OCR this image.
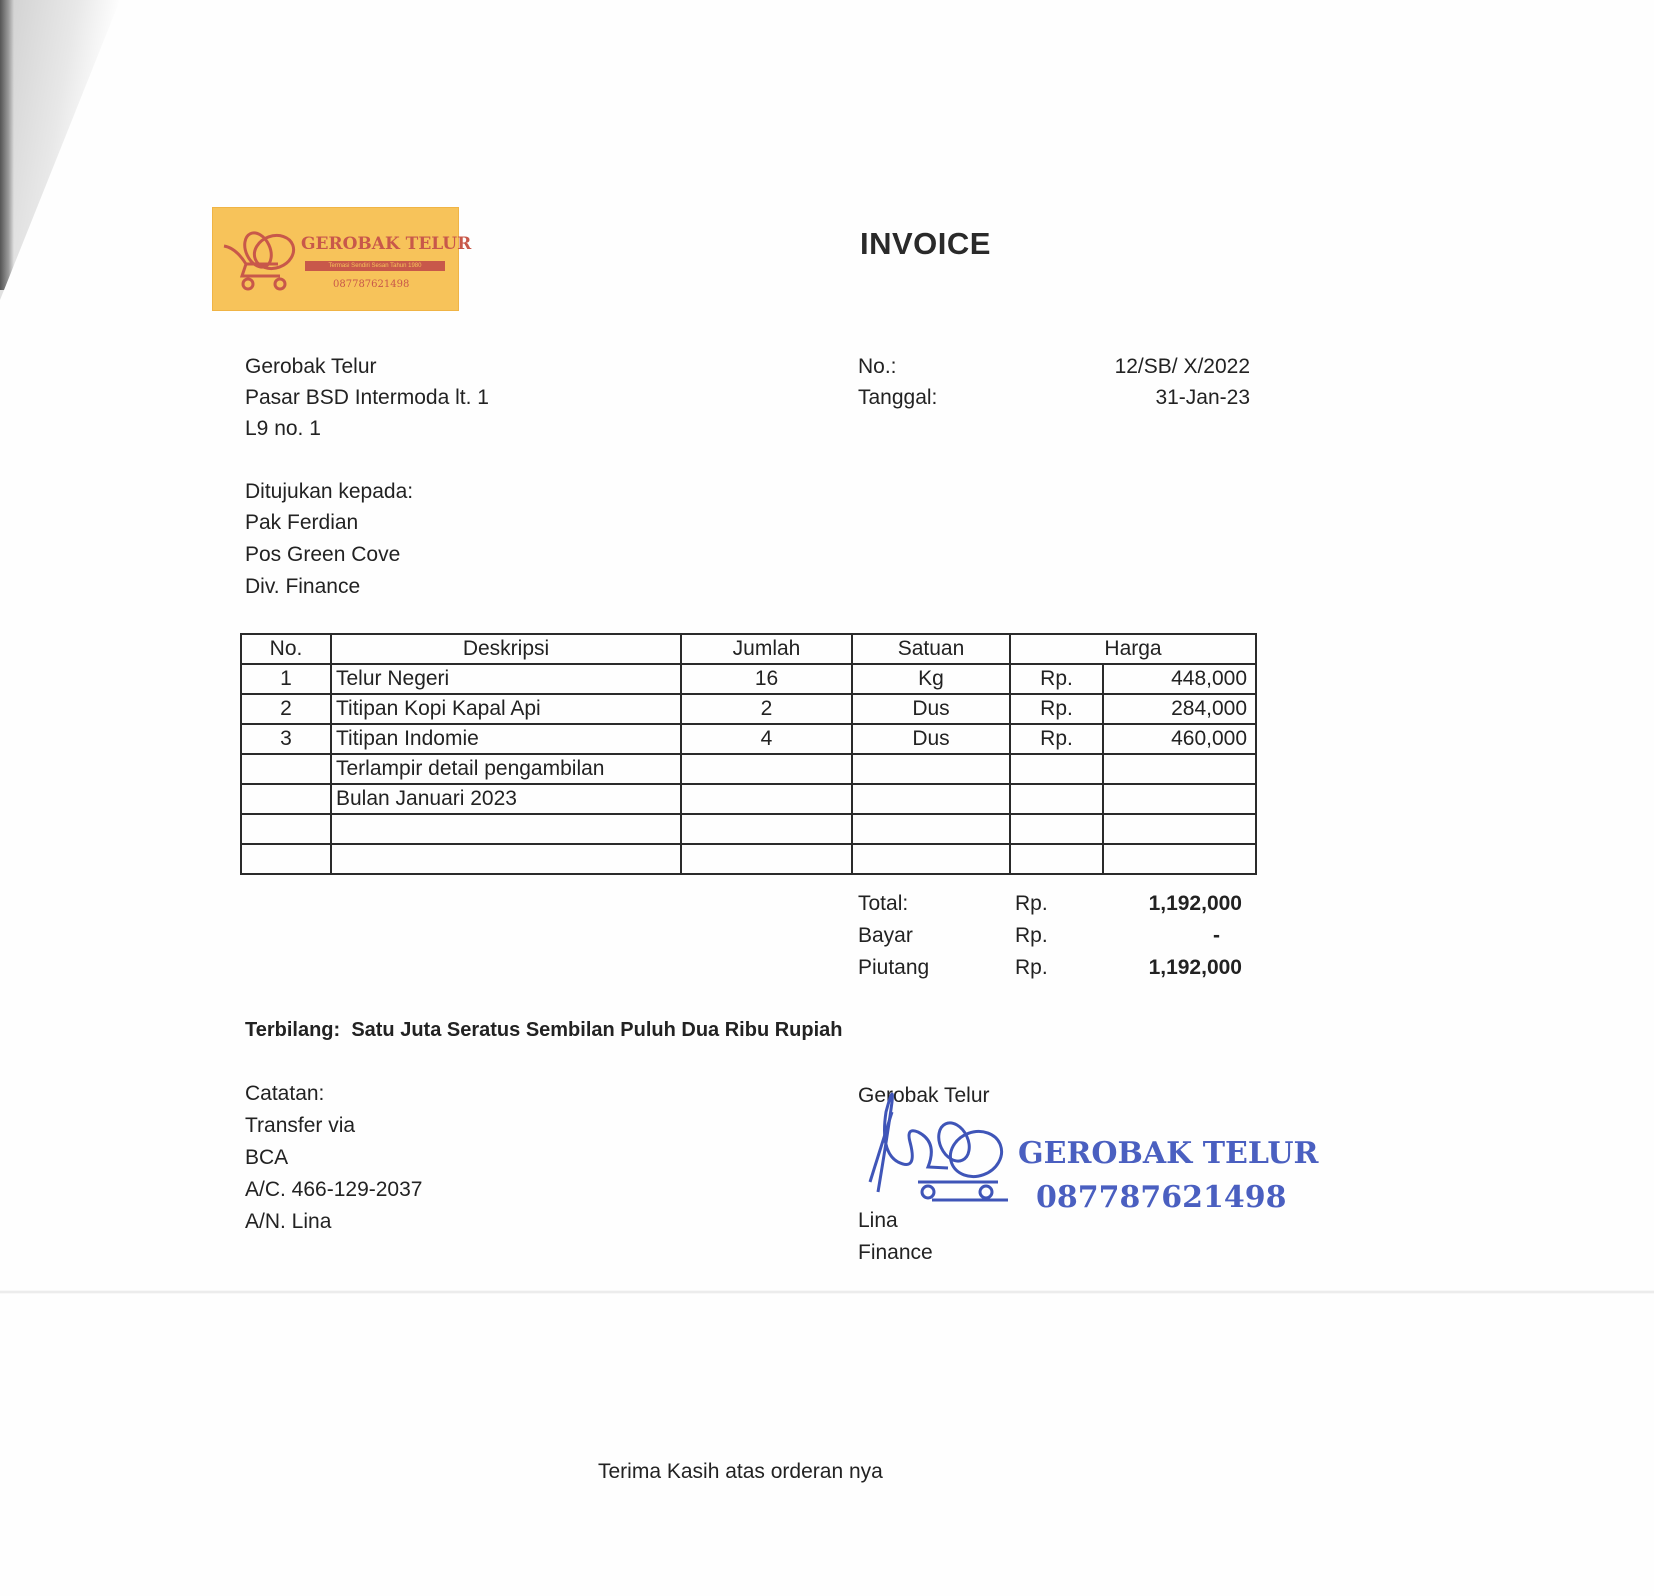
GEROBAK TELUR
Termasi Sendiri Sesan Tahun 1980
087787621498
INVOICE
Gerobak Telur
Pasar BSD Intermoda lt. 1
L9 no. 1
No.:	12/SB/ X/2022
Tanggal:	31-Jan-23
Ditujukan kepada:
Pak Ferdian
Pos Green Cove
Div. Finance
No.	Deskripsi	Jumlah	Satuan	Harga	
1	Telur Negeri	16	Kg	Rp.	448,000
2	Titipan Kopi Kapal Api	2	Dus	Rp.	284,000
3	Titipan Indomie	4	Dus	Rp.	460,000
	Terlampir detail pengambilan				
	Bulan Januari 2023				

Total:	Rp.	1,192,000
Bayar	Rp.	-
Piutang	Rp.	1,192,000
Terbilang: Satu Juta Seratus Sembilan Puluh Dua Ribu Rupiah
Catatan:
Transfer via
BCA
A/C. 466-129-2037
A/N. Lina
Gerobak Telur
GEROBAK TELUR
087787621498
Lina
Finance
Terima Kasih atas orderan nya
